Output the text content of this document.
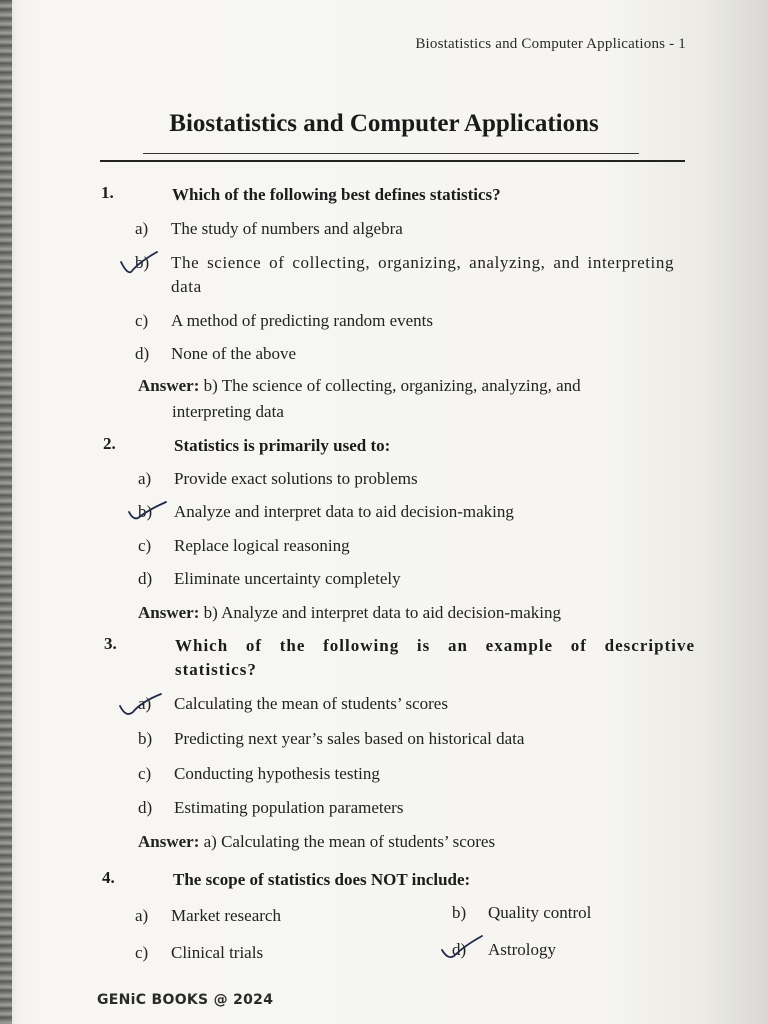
Biostatistics and Computer Applications - 1
Biostatistics and Computer Applications
1.	Which of the following best defines statistics?
a) The study of numbers and algebra
b) The science of collecting, organizing, analyzing, and interpreting data
c) A method of predicting random events
d) None of the above
Answer: b) The science of collecting, organizing, analyzing, and
interpreting data
2.	Statistics is primarily used to:
a) Provide exact solutions to problems
b) Analyze and interpret data to aid decision-making
c) Replace logical reasoning
d) Eliminate uncertainty completely
Answer: b) Analyze and interpret data to aid decision-making
3.	Which of the following is an example of descriptive statistics?
a) Calculating the mean of students’ scores
b) Predicting next year’s sales based on historical data
c) Conducting hypothesis testing
d) Estimating population parameters
Answer: a) Calculating the mean of students’ scores
4.	The scope of statistics does NOT include:
a) Market research	b) Quality control
c) Clinical trials	d) Astrology
GENiC BOOKS @ 2024
